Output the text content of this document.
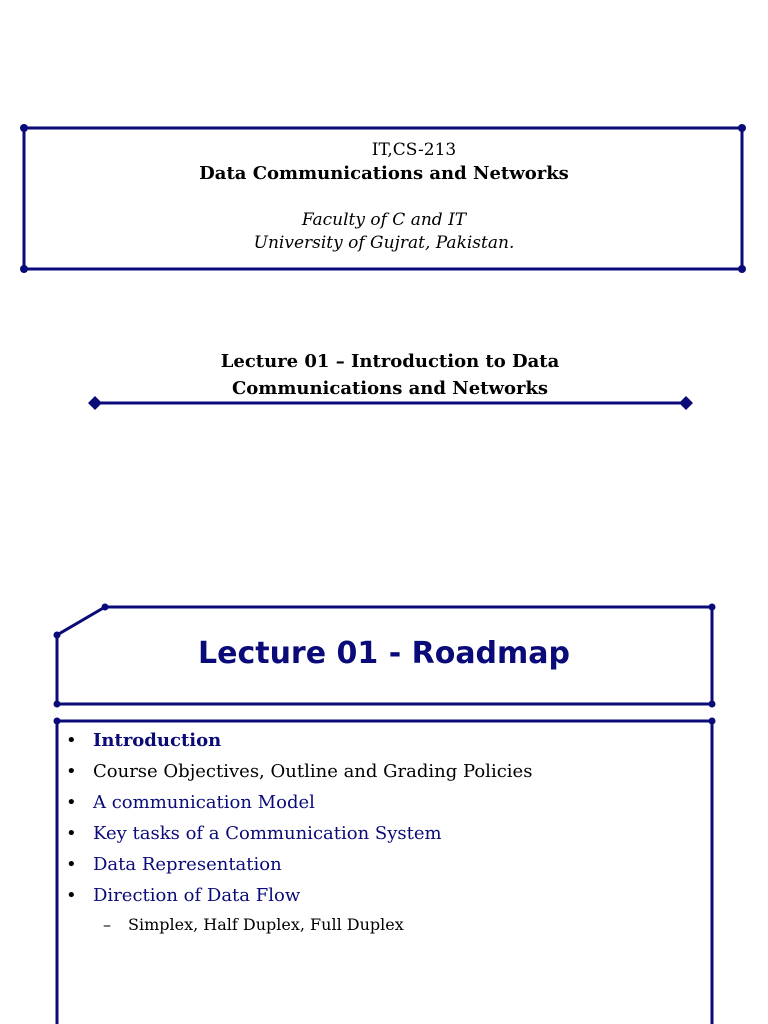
IT,CS-213
Data Communications and Networks
Faculty of C and IT
University of Gujrat, Pakistan.
Lecture 01 – Introduction to Data
Communications and Networks
Lecture 01 - Roadmap
• Introduction
• Course Objectives, Outline and Grading Policies
• A communication Model
• Key tasks of a Communication System
• Data Representation
• Direction of Data Flow
– Simplex, Half Duplex, Full Duplex
